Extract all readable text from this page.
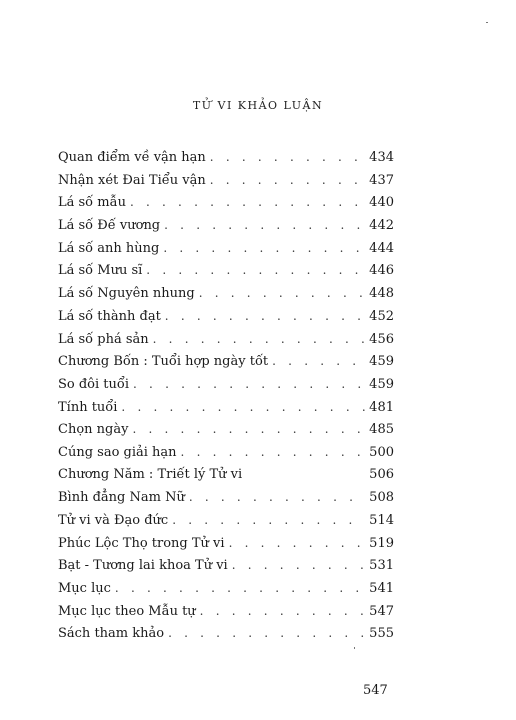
TỬ VI KHẢO LUẬN
Quan điểm về vận hạn . . .	434
Nhận xét Đai Tiểu vận . . .	437
Lá số mẫu . . .	440
Lá số Đế vương . . .	442
Lá số anh hùng . . .	444
Lá số Mưu sĩ . . .	446
Lá số Nguyên nhung . . .	448
Lá số thành đạt . . .	452
Lá số phá sản . . .	456
Chương Bốn : Tuổi hợp ngày tốt . . .	459
So đôi tuổi . . .	459
Tính tuổi . . .	481
Chọn ngày . . .	485
Cúng sao giải hạn . . .	500
Chương Năm : Triết lý Tử vi	506
Bình đẳng Nam Nữ . . .	508
Tử vi và Đạo đức . . .	514
Phúc Lộc Thọ trong Tử vi . . .	519
Bạt - Tương lai khoa Tử vi . . .	531
Mục lục . . .	541
Mục lục theo Mẫu tự . . .	547
Sách tham khảo . . .	555
547
